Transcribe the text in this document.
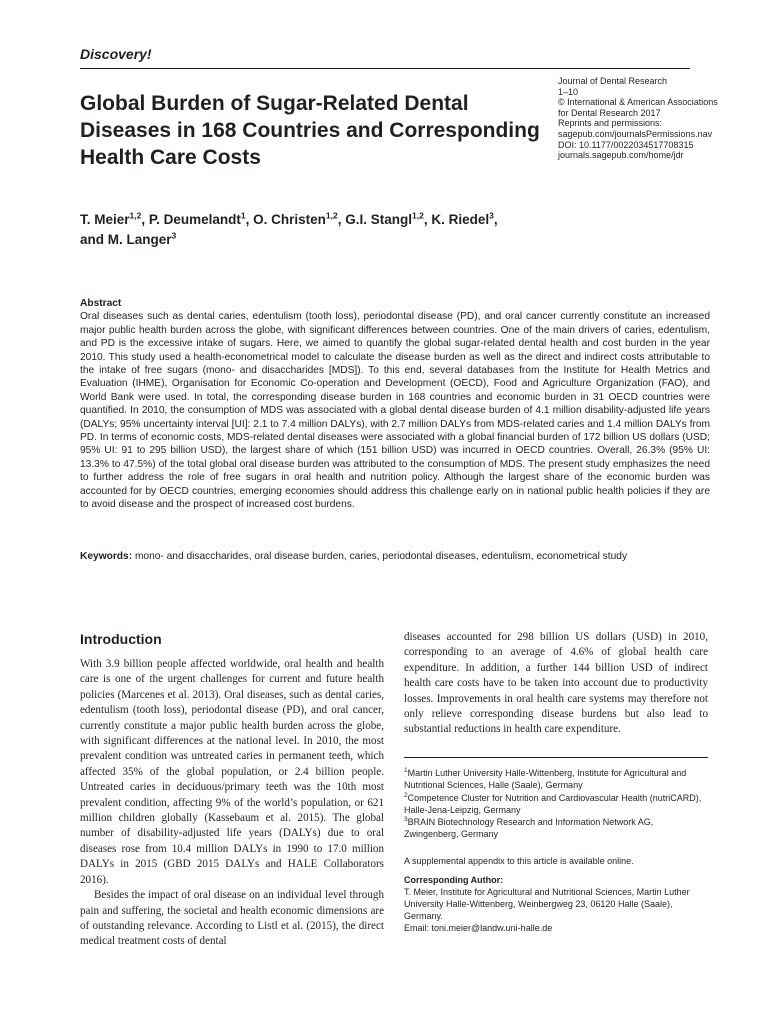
Discovery!
Global Burden of Sugar-Related Dental Diseases in 168 Countries and Corresponding Health Care Costs
Journal of Dental Research
1–10
© International & American Associations
for Dental Research 2017
Reprints and permissions:
sagepub.com/journalsPermissions.nav
DOI: 10.1177/0022034517708315
journals.sagepub.com/home/jdr
T. Meier$^{1,2}$, P. Deumelandt$^1$, O. Christen$^{1,2}$, G.I. Stangl$^{1,2}$, K. Riedel$^3$,
and M. Langer$^3$
Abstract

Oral diseases such as dental caries, edentulism (tooth loss), periodontal disease (PD), and oral cancer currently constitute an increased major public health burden across the globe, with significant differences between countries. One of the main drivers of caries, edentulism, and PD is the excessive intake of sugars. Here, we aimed to quantify the global sugar-related dental health and cost burden in the year 2010. This study used a health-econometrical model to calculate the disease burden as well as the direct and indirect costs attributable to the intake of free sugars (mono- and disaccharides [MDS]). To this end, several databases from the Institute for Health Metrics and Evaluation (IHME), Organisation for Economic Co-operation and Development (OECD), Food and Agriculture Organization (FAO), and World Bank were used. In total, the corresponding disease burden in 168 countries and economic burden in 31 OECD countries were quantified. In 2010, the consumption of MDS was associated with a global dental disease burden of 4.1 million disability-adjusted life years (DALYs; 95% uncertainty interval [UI]: 2.1 to 7.4 million DALYs), with 2.7 million DALYs from MDS-related caries and 1.4 million DALYs from PD. In terms of economic costs, MDS-related dental diseases were associated with a global financial burden of 172 billion US dollars (USD; 95% UI: 91 to 295 billion USD), the largest share of which (151 billion USD) was incurred in OECD countries. Overall, 26.3% (95% UI: 13.3% to 47.5%) of the total global oral disease burden was attributed to the consumption of MDS. The present study emphasizes the need to further address the role of free sugars in oral health and nutrition policy. Although the largest share of the economic burden was accounted for by OECD countries, emerging economies should address this challenge early on in national public health policies if they are to avoid disease and the prospect of increased cost burdens.

Keywords: mono- and disaccharides, oral disease burden, caries, periodontal diseases, edentulism, econometrical study
Introduction

With 3.9 billion people affected worldwide, oral health and health care is one of the urgent challenges for current and future health policies (Marcenes et al. 2013). Oral diseases, such as dental caries, edentulism (tooth loss), periodontal disease (PD), and oral cancer, currently constitute a major public health burden across the globe, with significant differences at the national level. In 2010, the most prevalent condition was untreated caries in permanent teeth, which affected 35% of the global population, or 2.4 billion people. Untreated caries in deciduous/primary teeth was the 10th most prevalent condition, affecting 9% of the world’s population, or 621 million children globally (Kassebaum et al. 2015). The global number of disability-adjusted life years (DALYs) due to oral diseases rose from 10.4 million DALYs in 1990 to 17.0 million DALYs in 2015 (GBD 2015 DALYs and HALE Collaborators 2016).

Besides the impact of oral disease on an individual level through pain and suffering, the societal and health economic dimensions are of outstanding relevance. According to Listl et al. (2015), the direct medical treatment costs of dental

diseases accounted for 298 billion US dollars (USD) in 2010, corresponding to an average of 4.6% of global health care expenditure. In addition, a further 144 billion USD of indirect health care costs have to be taken into account due to productivity losses. Improvements in oral health care systems may therefore not only relieve corresponding disease burdens but also lead to substantial reductions in health care expenditure.

$^1$Martin Luther University Halle-Wittenberg, Institute for Agricultural and Nutritional Sciences, Halle (Saale), Germany
$^2$Competence Cluster for Nutrition and Cardiovascular Health (nutriCARD), Halle-Jena-Leipzig, Germany
$^3$BRAIN Biotechnology Research and Information Network AG, Zwingenberg, Germany
A supplemental appendix to this article is available online.
Corresponding Author:
T. Meier, Institute for Agricultural and Nutritional Sciences, Martin Luther University Halle-Wittenberg, Weinbergweg 23, 06120 Halle (Saale), Germany.
Email: toni.meier@landw.uni-halle.de
